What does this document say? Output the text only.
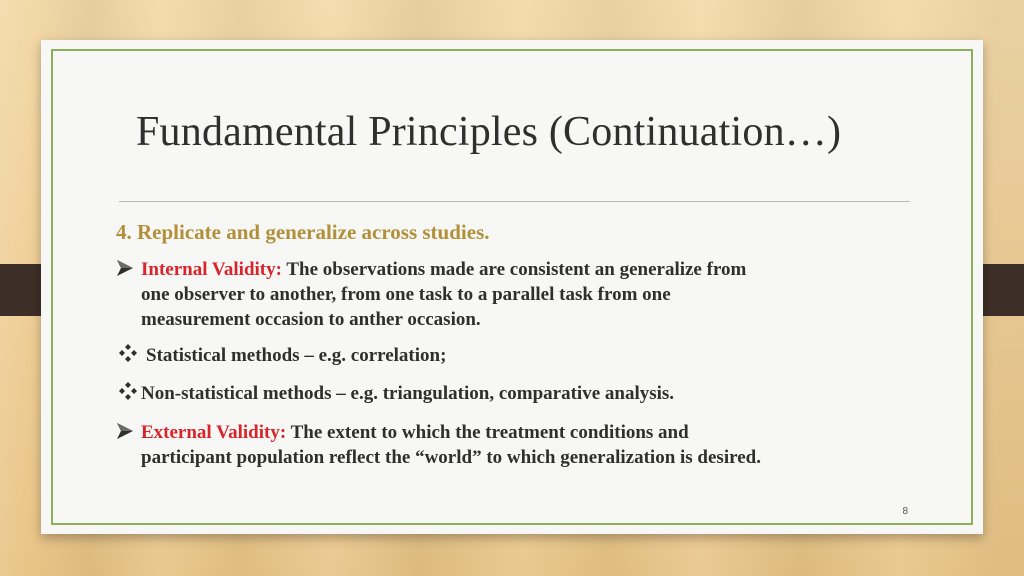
Fundamental Principles (Continuation…)
4. Replicate and generalize across studies.
Internal Validity: The observations made are consistent an generalize from
one observer to another, from one task to a parallel task from one
measurement occasion to anther occasion.
Statistical methods – e.g. correlation;
Non-statistical methods – e.g. triangulation, comparative analysis.
External Validity: The extent to which the treatment conditions and
participant population reflect the “world” to which generalization is desired.
8
